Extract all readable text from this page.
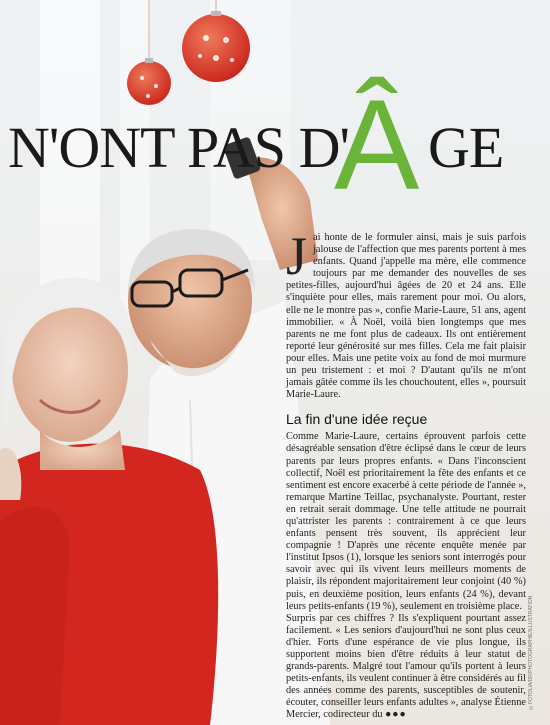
N'ONT PAS D'
Â GE

Jai honte de le formuler ainsi, mais je suis parfois jalouse de l'affection que mes parents portent à mes enfants. Quand j'appelle ma mère, elle commence toujours par me demander des nouvelles de ses petites-filles, aujourd'hui âgées de 20 et 24 ans. Elle s'inquiète pour elles, mais rarement pour moi. Ou alors, elle ne le montre pas », confie Marie-Laure, 51 ans, agent immobilier. « À Noël, voilà bien longtemps que mes parents ne me font plus de cadeaux. Ils ont entièrement reporté leur générosité sur mes filles. Cela me fait plaisir pour elles. Mais une petite voix au fond de moi murmure un peu tristement : et moi ? D'autant qu'ils ne m'ont jamais gâtée comme ils les chouchoutent, elles », poursuit Marie-Laure.

La fin d'une idée reçue

Comme Marie-Laure, certains éprouvent parfois cette désagréable sensation d'être éclipsé dans le cœur de leurs parents par leurs propres enfants. « Dans l'inconscient collectif, Noël est prioritairement la fête des enfants et ce sentiment est encore exacerbé à cette période de l'année », remarque Martine Teillac, psychanalyste. Pourtant, rester en retrait serait dommage. Une telle attitude ne pourrait qu'attrister les parents : contrairement à ce que leurs enfants pensent très souvent, ils apprécient leur compagnie ! D'après une récente enquête menée par l'institut Ipsos (1), lorsque les seniors sont interrogés pour savoir avec qui ils vivent leurs meilleurs moments de plaisir, ils répondent majoritairement leur conjoint (40 %) puis, en deuxième position, leurs enfants (24 %), devant leurs petits-enfants (19 %), seulement en troisième place.

Surpris par ces chiffres ? Ils s'expliquent pourtant assez facilement. « Les seniors d'aujourd'hui ne sont plus ceux d'hier. Forts d'une espérance de vie plus longue, ils supportent moins bien d'être réduits à leur statut de grands-parents. Malgré tout l'amour qu'ils portent à leurs petits-enfants, ils veulent continuer à être considérés au fil des années comme des parents, susceptibles de soutenir, écouter, conseiller leurs enfants adultes », analyse Étienne Mercier, codirecteur du ●●●

©FOTOLIA/DR/PHOTOGRAPHIE/ILLUSTRATION
